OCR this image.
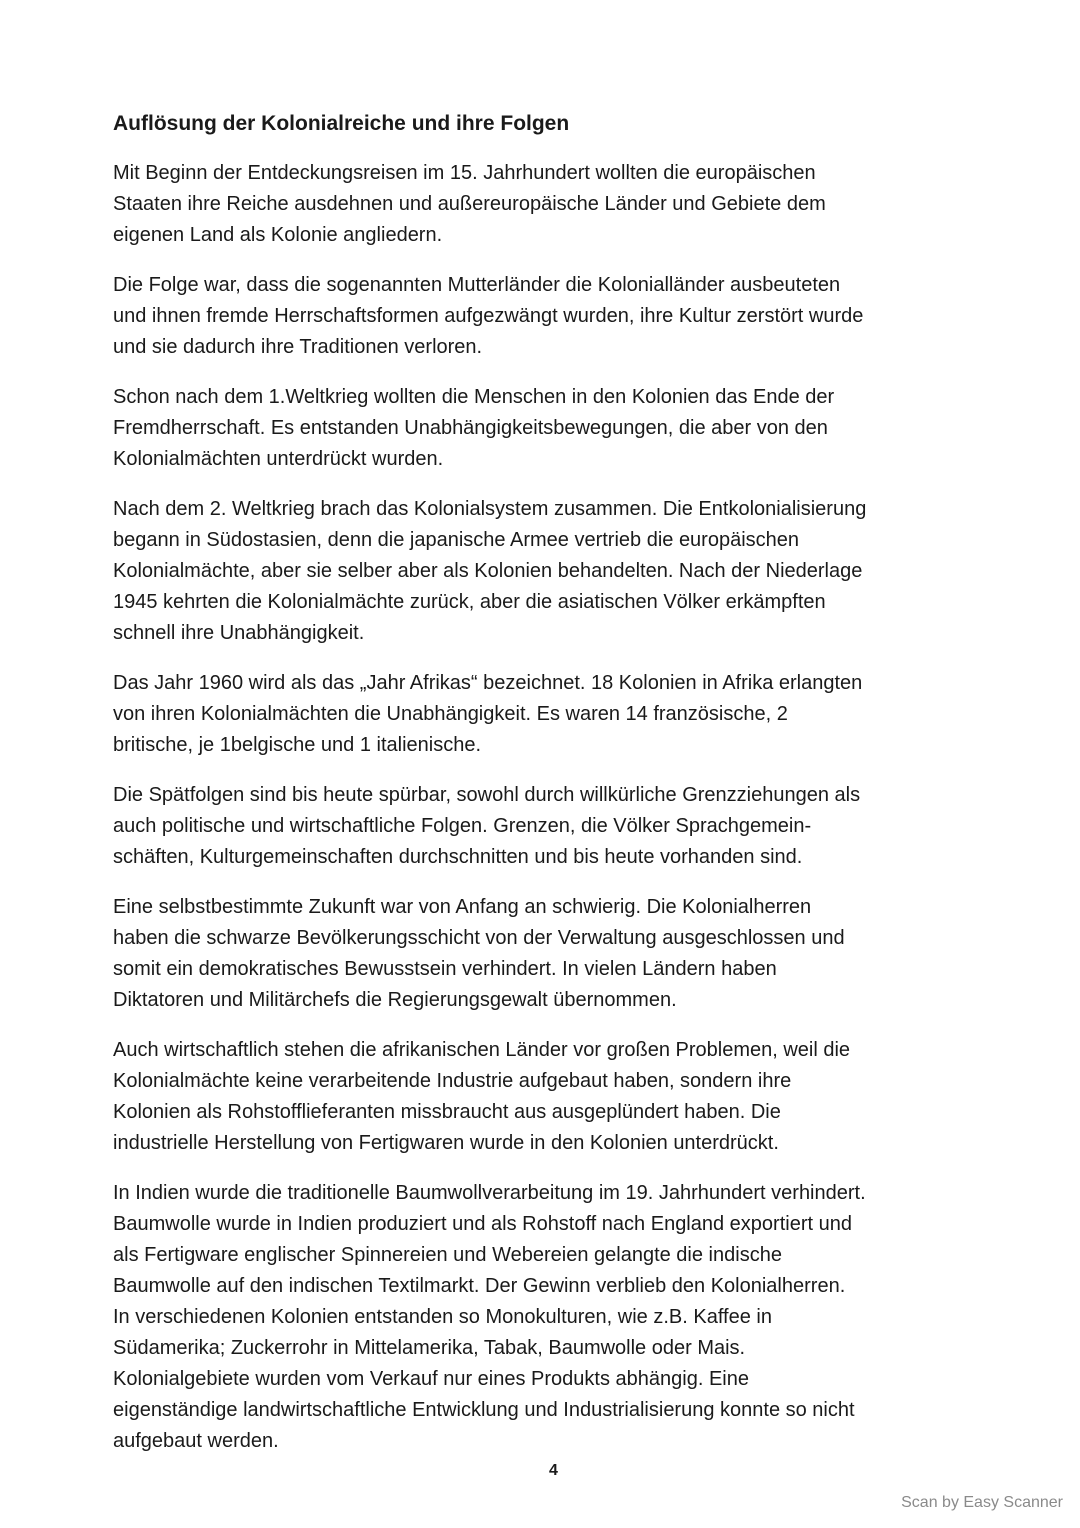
Auflösung der Kolonialreiche und ihre Folgen

Mit Beginn der Entdeckungsreisen im 15. Jahrhundert wollten die europäischen
Staaten ihre Reiche ausdehnen und außereuropäische Länder und Gebiete dem
eigenen Land als Kolonie angliedern.

Die Folge war, dass die sogenannten Mutterländer die Kolonialländer ausbeuteten
und ihnen fremde Herrschaftsformen aufgezwängt wurden, ihre Kultur zerstört wurde
und sie dadurch ihre Traditionen verloren.

Schon nach dem 1.Weltkrieg wollten die Menschen in den Kolonien das Ende der
Fremdherrschaft. Es entstanden Unabhängigkeitsbewegungen, die aber von den
Kolonialmächten unterdrückt wurden.

Nach dem 2. Weltkrieg brach das Kolonialsystem zusammen. Die Entkolonialisierung
begann in Südostasien, denn die japanische Armee vertrieb die europäischen
Kolonialmächte, aber sie selber aber als Kolonien behandelten. Nach der Niederlage
1945 kehrten die Kolonialmächte zurück, aber die asiatischen Völker erkämpften
schnell ihre Unabhängigkeit.

Das Jahr 1960 wird als das „Jahr Afrikas“ bezeichnet. 18 Kolonien in Afrika erlangten
von ihren Kolonialmächten die Unabhängigkeit. Es waren 14 französische, 2
britische, je 1belgische und 1 italienische.

Die Spätfolgen sind bis heute spürbar, sowohl durch willkürliche Grenzziehungen als
auch politische und wirtschaftliche Folgen. Grenzen, die Völker Sprachgemein-
schäften, Kulturgemeinschaften durchschnitten und bis heute vorhanden sind.

Eine selbstbestimmte Zukunft war von Anfang an schwierig. Die Kolonialherren
haben die schwarze Bevölkerungsschicht von der Verwaltung ausgeschlossen und
somit ein demokratisches Bewusstsein verhindert. In vielen Ländern haben
Diktatoren und Militärchefs die Regierungsgewalt übernommen.

Auch wirtschaftlich stehen die afrikanischen Länder vor großen Problemen, weil die
Kolonialmächte keine verarbeitende Industrie aufgebaut haben, sondern ihre
Kolonien als Rohstofflieferanten missbraucht aus ausgeplündert haben. Die
industrielle Herstellung von Fertigwaren wurde in den Kolonien unterdrückt.

In Indien wurde die traditionelle Baumwollverarbeitung im 19. Jahrhundert verhindert.
Baumwolle wurde in Indien produziert und als Rohstoff nach England exportiert und
als Fertigware englischer Spinnereien und Webereien gelangte die indische
Baumwolle auf den indischen Textilmarkt. Der Gewinn verblieb den Kolonialherren.
In verschiedenen Kolonien entstanden so Monokulturen, wie z.B. Kaffee in
Südamerika; Zuckerrohr in Mittelamerika, Tabak, Baumwolle oder Mais.
Kolonialgebiete wurden vom Verkauf nur eines Produkts abhängig. Eine
eigenständige landwirtschaftliche Entwicklung und Industrialisierung konnte so nicht
aufgebaut werden.

4
Scan by Easy Scanner
